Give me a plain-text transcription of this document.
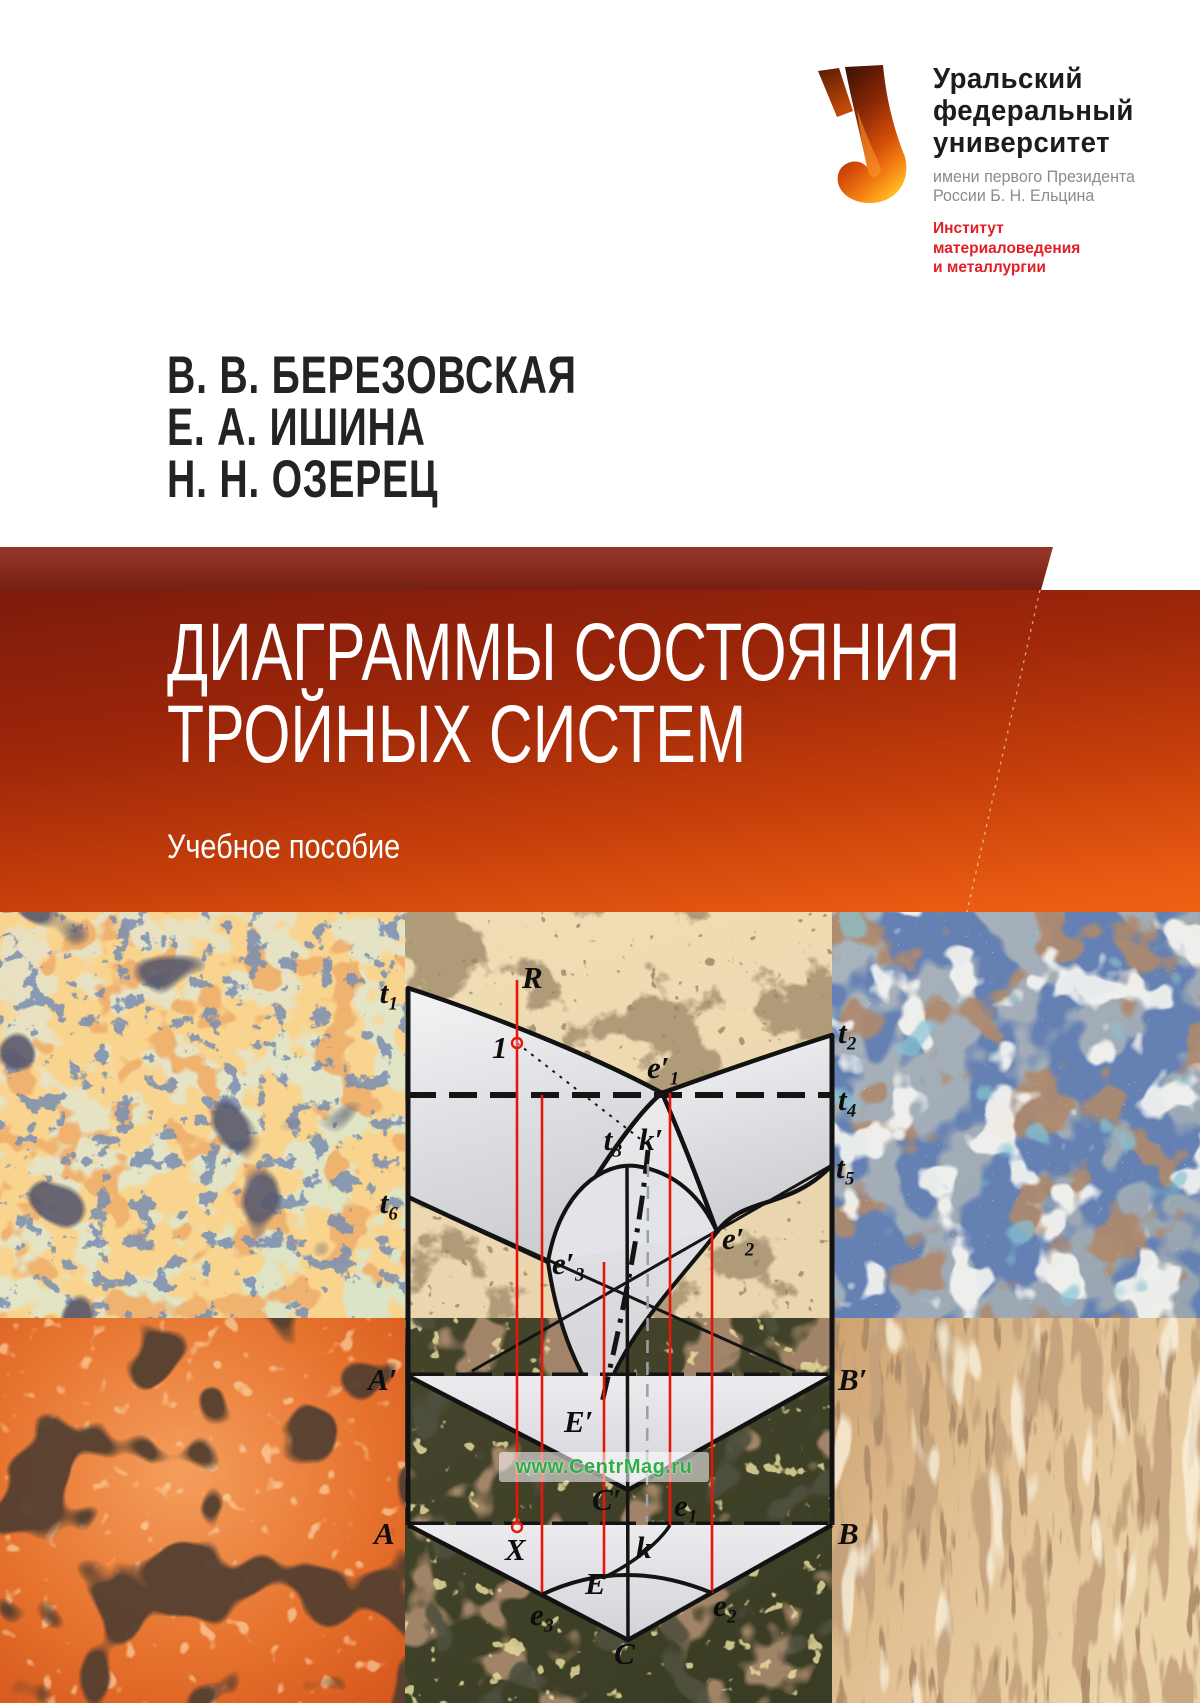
Уральский
федеральный
университет
имени первого Президента
России Б. Н. Ельцина
Институт
материаловедения
и металлургии
В. В. БЕРЕЗОВСКАЯ
Е. А. ИШИНА
Н. Н. ОЗЕРЕЦ
ДИАГРАММЫ СОСТОЯНИЯ
ТРОЙНЫХ СИСТЕМ
Учебное пособие
R
1
t₁
t₆
t₂
t₄
t₅
t₃ k′
e′₁
e′₂
e′₃
E′
A′	B′
C′ e₁
A	B
X	k
E
e₃	e₂
C
www.CentrMag.ru
